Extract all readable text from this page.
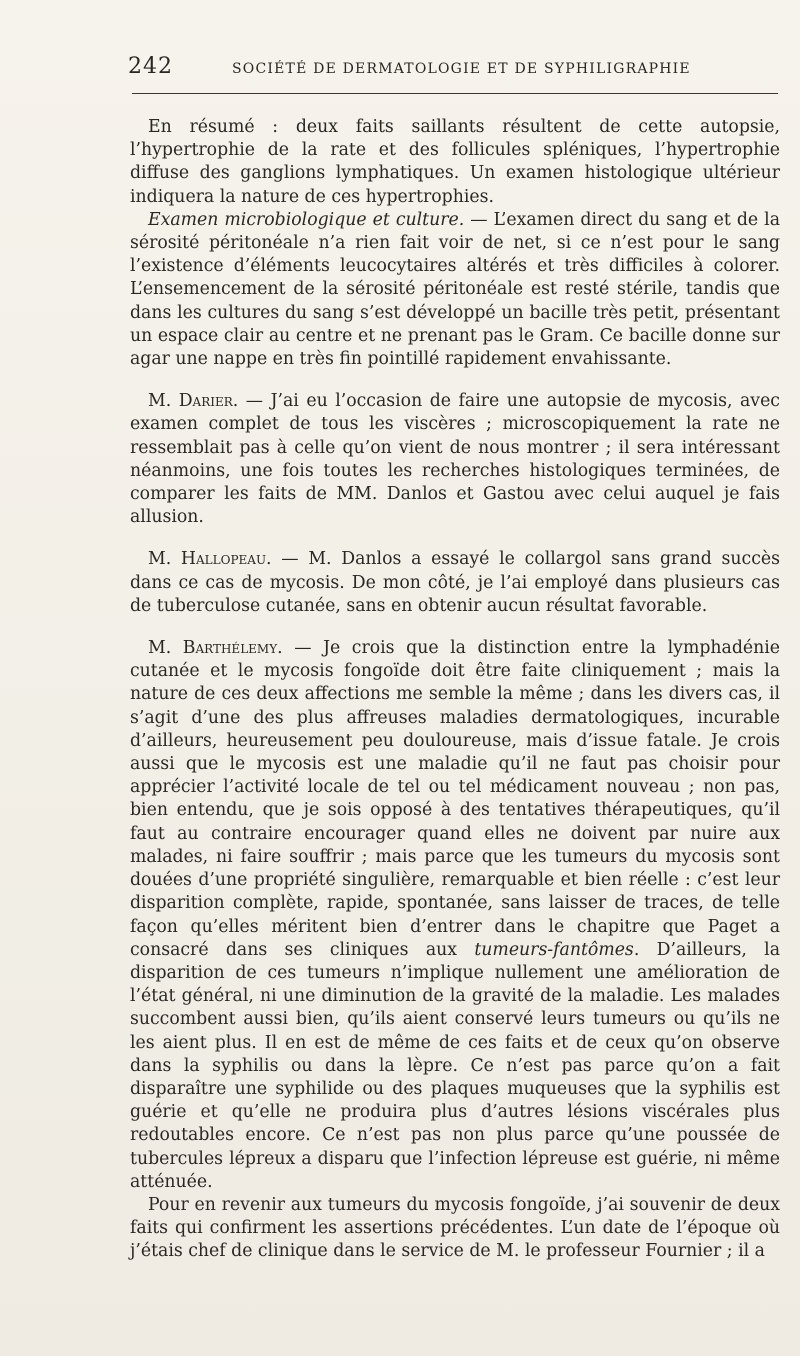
242	SOCIÉTÉ DE DERMATOLOGIE ET DE SYPHILIGRAPHIE

En résumé : deux faits saillants résultent de cette autopsie, l’hypertrophie de la rate et des follicules spléniques, l’hypertrophie diffuse des ganglions lymphatiques. Un examen histologique ultérieur indiquera la nature de ces hypertrophies.

Examen microbiologique et culture. — L’examen direct du sang et de la sérosité péritonéale n’a rien fait voir de net, si ce n’est pour le sang l’existence d’éléments leucocytaires altérés et très difficiles à colorer. L’ensemencement de la sérosité péritonéale est resté stérile, tandis que dans les cultures du sang s’est développé un bacille très petit, présentant un espace clair au centre et ne prenant pas le Gram. Ce bacille donne sur agar une nappe en très fin pointillé rapidement envahissante.

M. Darier. — J’ai eu l’occasion de faire une autopsie de mycosis, avec examen complet de tous les viscères ; microscopiquement la rate ne ressemblait pas à celle qu’on vient de nous montrer ; il sera intéressant néanmoins, une fois toutes les recherches histologiques terminées, de comparer les faits de MM. Danlos et Gastou avec celui auquel je fais allusion.

M. Hallopeau. — M. Danlos a essayé le collargol sans grand succès dans ce cas de mycosis. De mon côté, je l’ai employé dans plusieurs cas de tuberculose cutanée, sans en obtenir aucun résultat favorable.

M. Barthélemy. — Je crois que la distinction entre la lymphadénie cutanée et le mycosis fongoïde doit être faite cliniquement ; mais la nature de ces deux affections me semble la même ; dans les divers cas, il s’agit d’une des plus affreuses maladies dermatologiques, incurable d’ailleurs, heureusement peu douloureuse, mais d’issue fatale. Je crois aussi que le mycosis est une maladie qu’il ne faut pas choisir pour apprécier l’activité locale de tel ou tel médicament nouveau ; non pas, bien entendu, que je sois opposé à des tentatives thérapeutiques, qu’il faut au contraire encourager quand elles ne doivent par nuire aux malades, ni faire souffrir ; mais parce que les tumeurs du mycosis sont douées d’une propriété singulière, remarquable et bien réelle : c’est leur disparition complète, rapide, spontanée, sans laisser de traces, de telle façon qu’elles méritent bien d’entrer dans le chapitre que Paget a consacré dans ses cliniques aux tumeurs-fantômes. D’ailleurs, la disparition de ces tumeurs n’implique nullement une amélioration de l’état général, ni une diminution de la gravité de la maladie. Les malades succombent aussi bien, qu’ils aient conservé leurs tumeurs ou qu’ils ne les aient plus. Il en est de même de ces faits et de ceux qu’on observe dans la syphilis ou dans la lèpre. Ce n’est pas parce qu’on a fait disparaître une syphilide ou des plaques muqueuses que la syphilis est guérie et qu’elle ne produira plus d’autres lésions viscérales plus redoutables encore. Ce n’est pas non plus parce qu’une poussée de tubercules lépreux a disparu que l’infection lépreuse est guérie, ni même atténuée.

Pour en revenir aux tumeurs du mycosis fongoïde, j’ai souvenir de deux faits qui confirment les assertions précédentes. L’un date de l’époque où j’étais chef de clinique dans le service de M. le professeur Fournier ; il a
